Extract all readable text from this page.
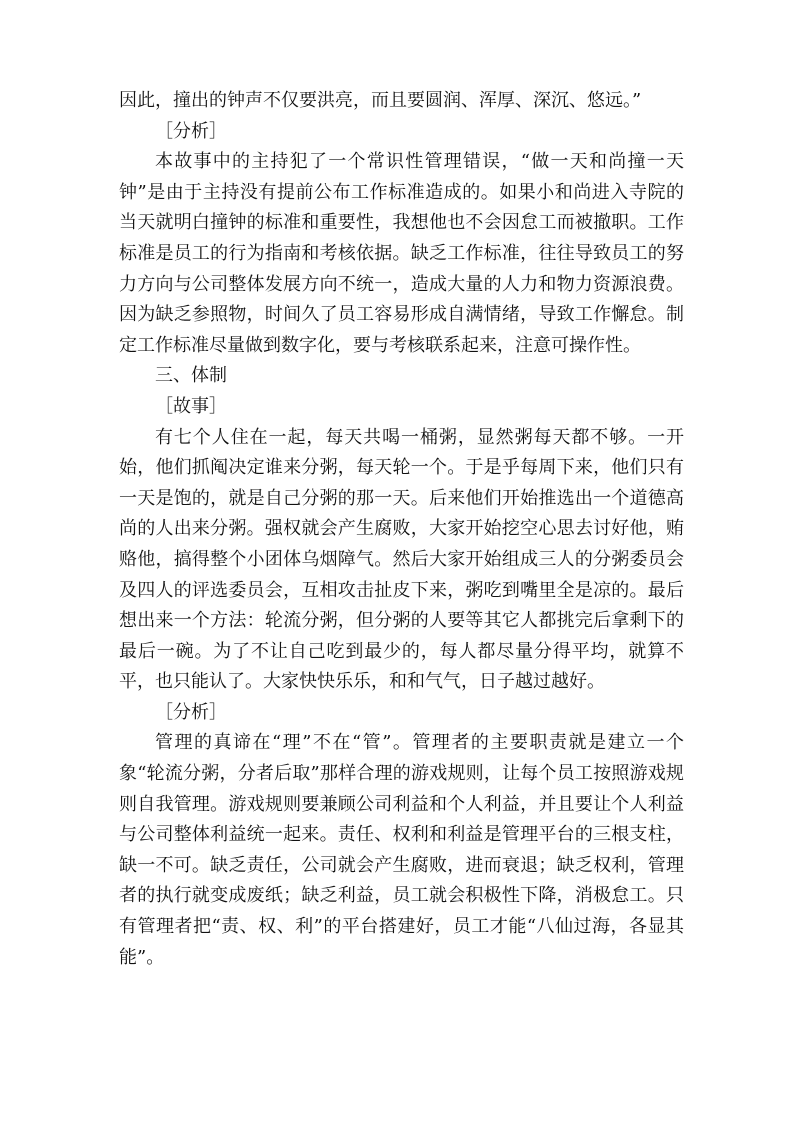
因此，撞出的钟声不仅要洪亮，而且要圆润、浑厚、深沉、悠远。”

［分析］

本故事中的主持犯了一个常识性管理错误，“做一天和尚撞一天钟”是由于主持没有提前公布工作标准造成的。如果小和尚进入寺院的当天就明白撞钟的标准和重要性，我想他也不会因怠工而被撤职。工作标准是员工的行为指南和考核依据。缺乏工作标准，往往导致员工的努力方向与公司整体发展方向不统一，造成大量的人力和物力资源浪费。因为缺乏参照物，时间久了员工容易形成自满情绪，导致工作懈怠。制定工作标准尽量做到数字化，要与考核联系起来，注意可操作性。

三、体制

［故事］

有七个人住在一起，每天共喝一桶粥，显然粥每天都不够。一开始，他们抓阄决定谁来分粥，每天轮一个。于是乎每周下来，他们只有一天是饱的，就是自己分粥的那一天。后来他们开始推选出一个道德高尚的人出来分粥。强权就会产生腐败，大家开始挖空心思去讨好他，贿赂他，搞得整个小团体乌烟障气。然后大家开始组成三人的分粥委员会及四人的评选委员会，互相攻击扯皮下来，粥吃到嘴里全是凉的。最后想出来一个方法：轮流分粥，但分粥的人要等其它人都挑完后拿剩下的最后一碗。为了不让自己吃到最少的，每人都尽量分得平均，就算不平，也只能认了。大家快快乐乐，和和气气，日子越过越好。

［分析］

管理的真谛在“理”不在“管”。管理者的主要职责就是建立一个象“轮流分粥，分者后取”那样合理的游戏规则，让每个员工按照游戏规则自我管理。游戏规则要兼顾公司利益和个人利益，并且要让个人利益与公司整体利益统一起来。责任、权利和利益是管理平台的三根支柱，缺一不可。缺乏责任，公司就会产生腐败，进而衰退；缺乏权利，管理者的执行就变成废纸；缺乏利益，员工就会积极性下降，消极怠工。只有管理者把“责、权、利”的平台搭建好，员工才能“八仙过海，各显其能”。
